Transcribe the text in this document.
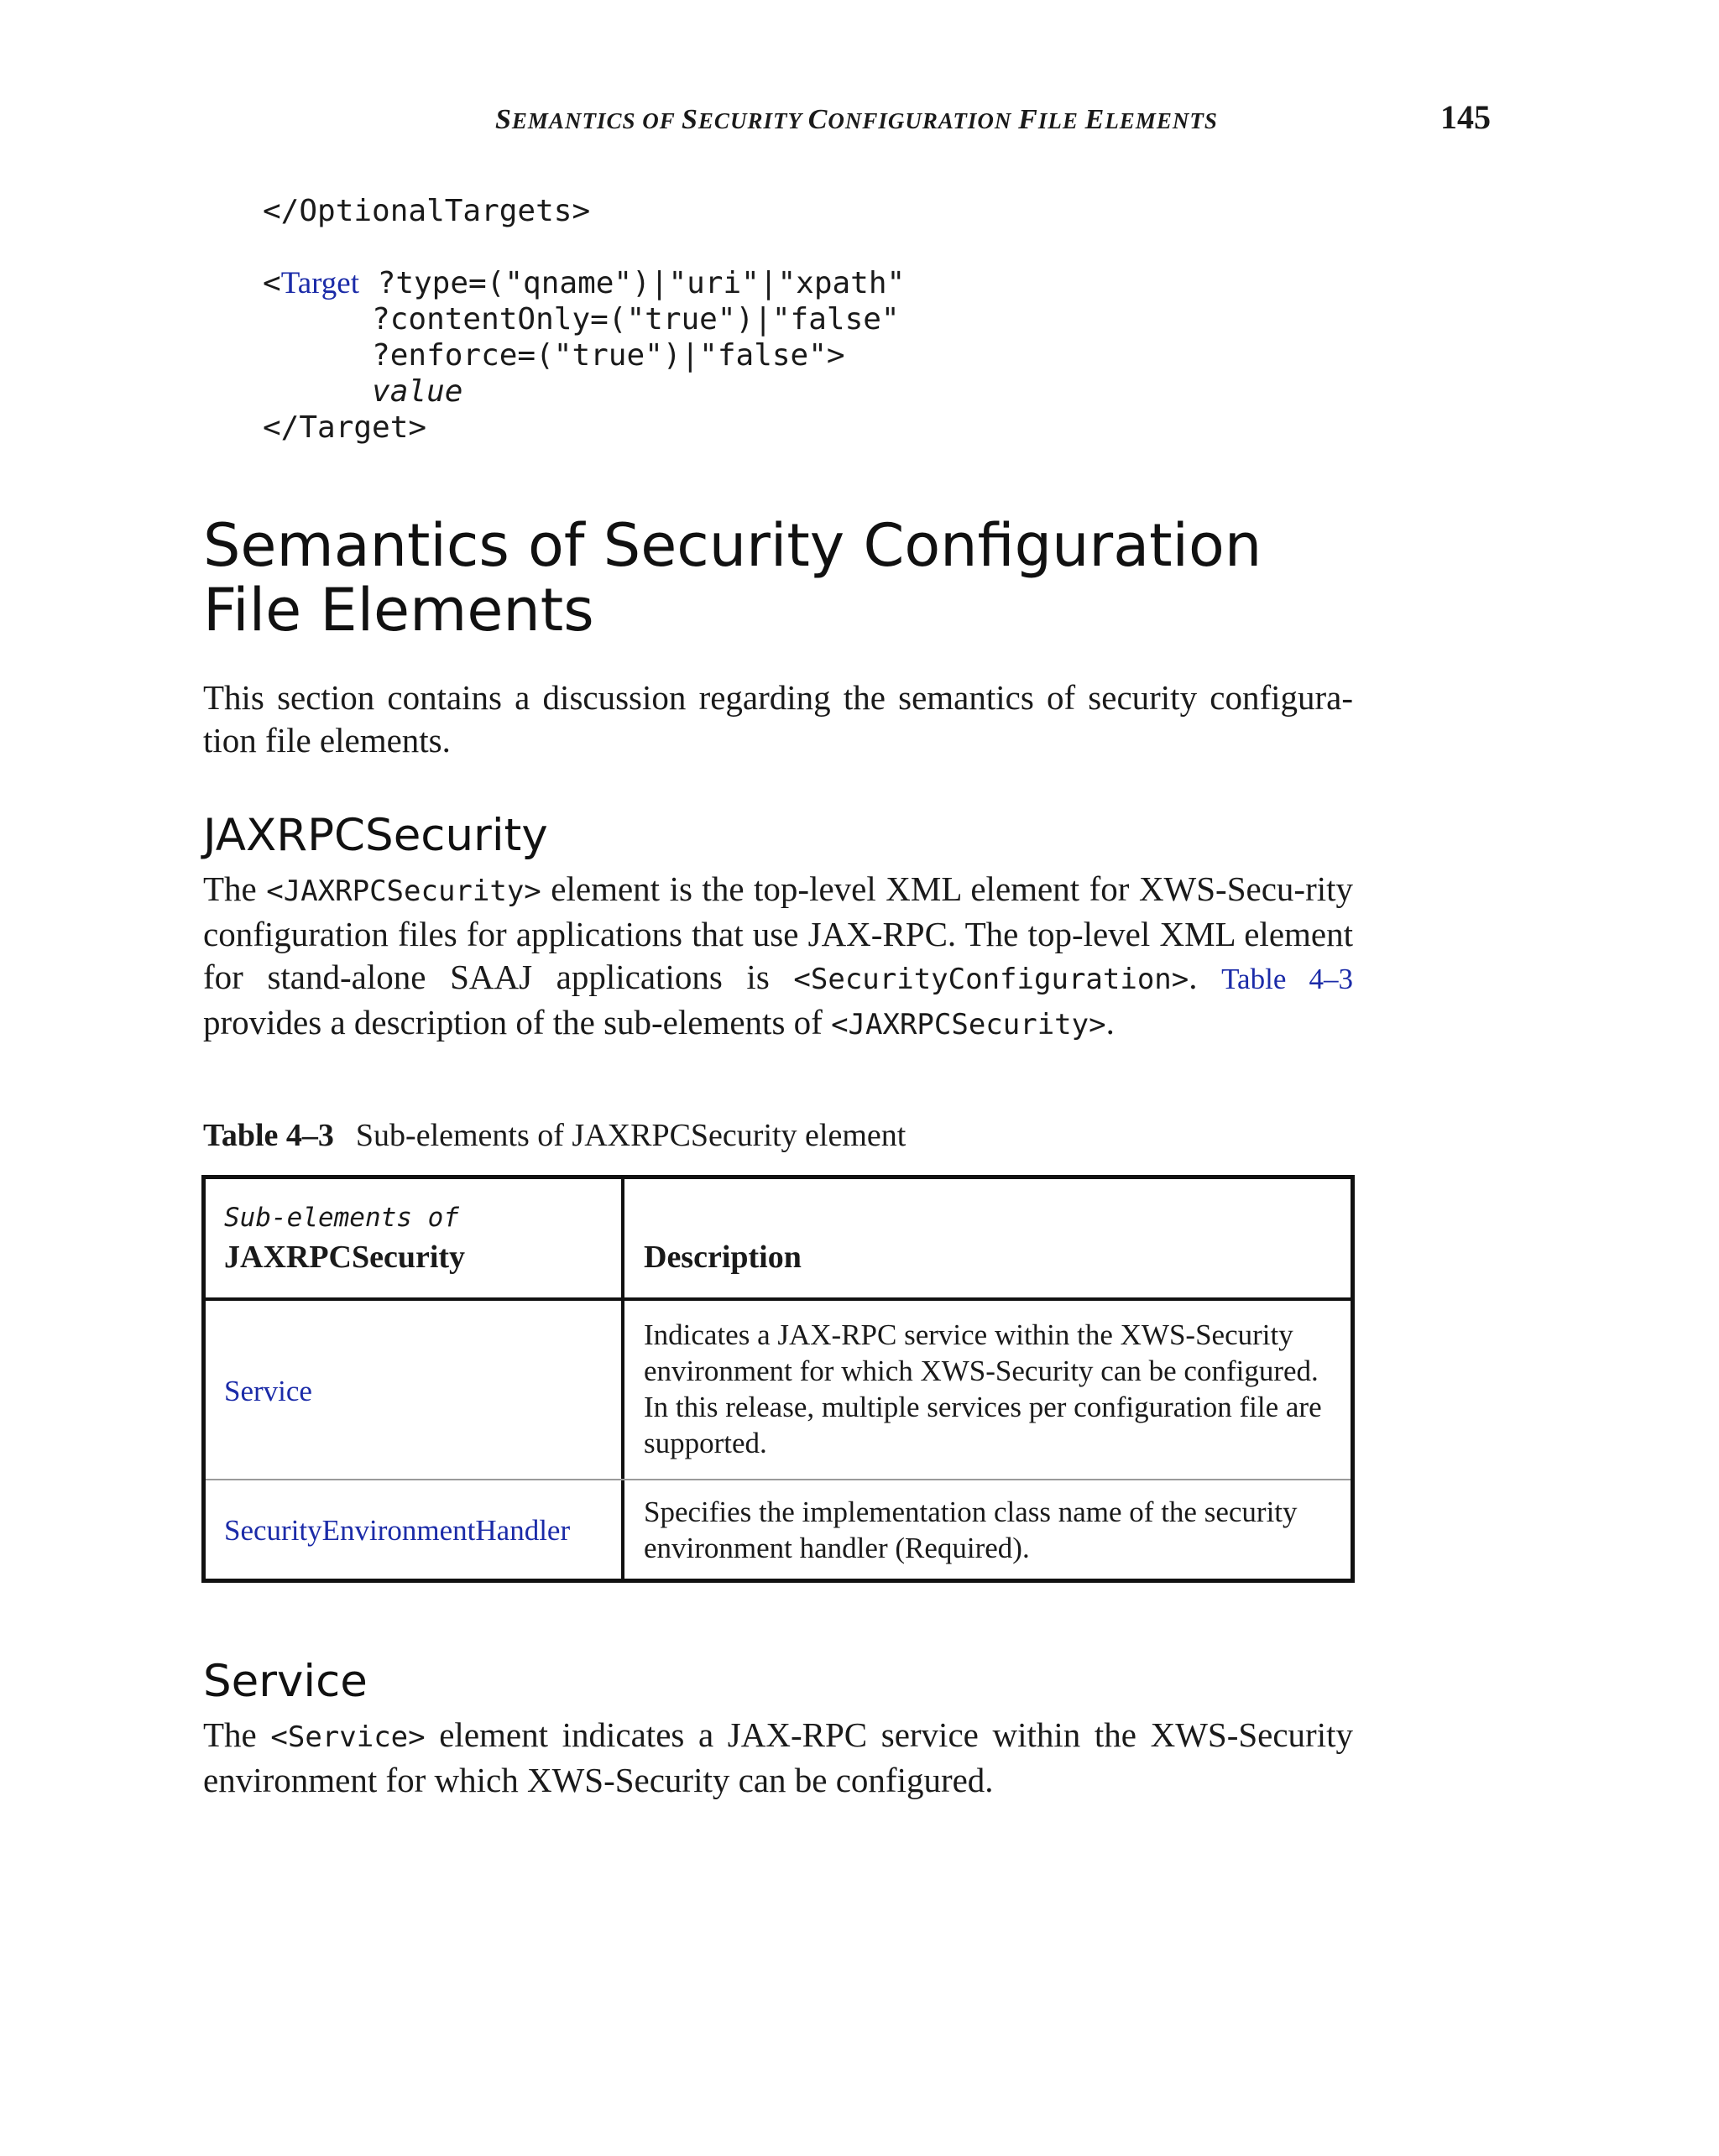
SEMANTICS OF SECURITY CONFIGURATION FILE ELEMENTS	145
</OptionalTargets>
<Target ?type=("qname")|"uri"|"xpath"
?contentOnly=("true")|"false"
?enforce=("true")|"false">
value
</Target>
Semantics of Security Configuration File Elements
This section contains a discussion regarding the semantics of security configura-tion file elements.
JAXRPCSecurity
The <JAXRPCSecurity> element is the top-level XML element for XWS-Secu-rity configuration files for applications that use JAX-RPC. The top-level XML element for stand-alone SAAJ applications is <SecurityConfiguration>. Table 4–3 provides a description of the sub-elements of <JAXRPCSecurity>.
Table 4–3 Sub-elements of JAXRPCSecurity element
Sub-elements of
JAXRPCSecurity	Description
Service
Indicates a JAX-RPC service within the XWS-Security environment for which XWS-Security can be configured. In this release, multiple services per configuration file are supported.
SecurityEnvironmentHandler
Specifies the implementation class name of the security environment handler (Required).
Service
The <Service> element indicates a JAX-RPC service within the XWS-Security environment for which XWS-Security can be configured.
